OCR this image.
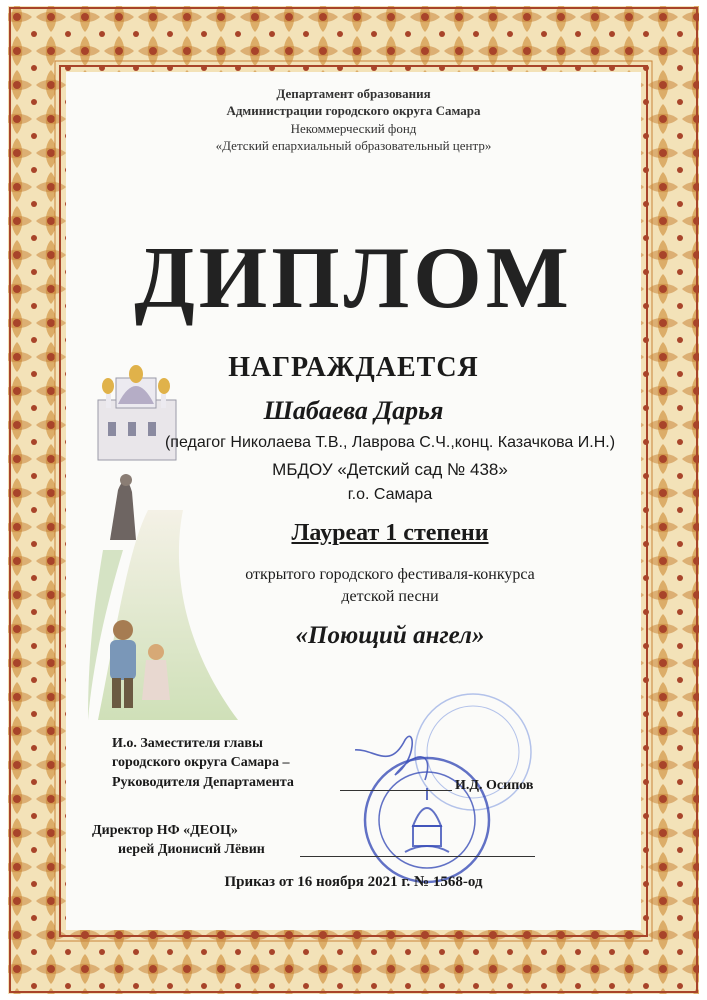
Департамент образования
Администрации городского округа Самара
Некоммерческий фонд
«Детский епархиальный образовательный центр»
ДИПЛОМ
НАГРАЖДАЕТСЯ
Шабаева Дарья
(педагог Николаева Т.В., Лаврова С.Ч.,конц. Казачкова И.Н.)
МБДОУ «Детский сад № 438»
г.о. Самара
Лауреат 1 степени
открытого городского фестиваля-конкурса
детской песни
«Поющий ангел»
И.о. Заместителя главы
городского округа Самара –
Руководителя Департамента	И.Д. Осипов
Директор НФ «ДЕОЦ»
иерей Дионисий Лёвин
Приказ от 16 ноября 2021 г. № 1568-од
